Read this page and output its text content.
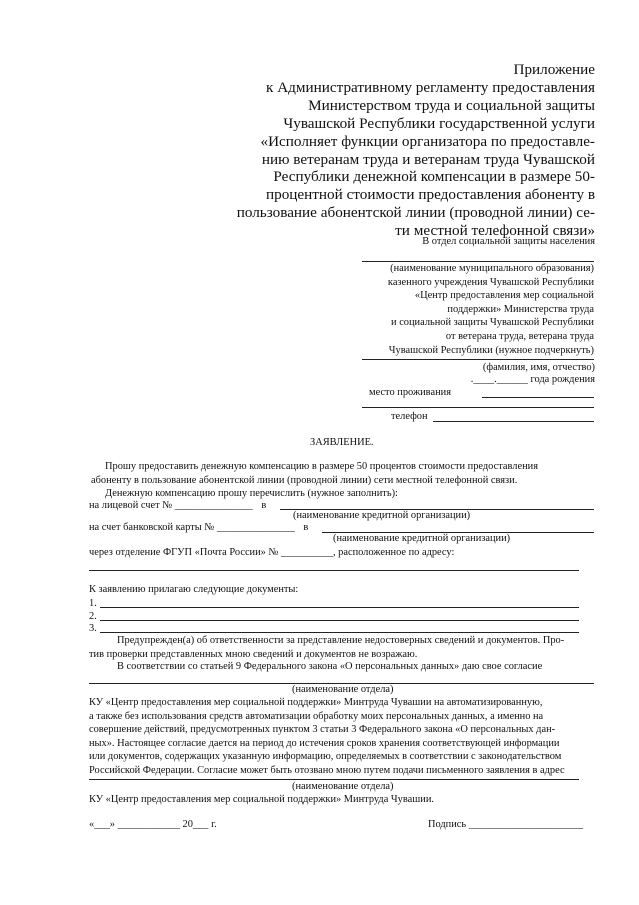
Приложение
к Административному регламенту предоставления
Министерством труда и социальной защиты
Чувашской Республики государственной услуги
«Исполняет функции организатора по предоставле-
нию ветеранам труда и ветеранам труда Чувашской
Республики денежной компенсации в размере 50-
процентной стоимости предоставления абоненту в
пользование абонентской линии (проводной линии) се-
ти местной телефонной связи»
В отдел социальной защиты населения
(наименование муниципального образования)
казенного учреждения Чувашской Республики
«Центр предоставления мер социальной
поддержки» Министерства труда
и социальной защиты Чувашской Республики
от ветерана труда, ветерана труда
Чувашской Республики (нужное подчеркнуть)
(фамилия, имя, отчество)
.____.______ года рождения
место проживания
телефон
ЗАЯВЛЕНИЕ.
Прошу предоставить денежную компенсацию в размере 50 процентов стоимости предоставления
абоненту в пользование абонентской линии (проводной линии) сети местной телефонной связи.
Денежную компенсацию прошу перечислить (нужное заполнить):
на лицевой счет № _______________ в
(наименование кредитной организации)
на счет банковской карты № _______________ в
(наименование кредитной организации)
через отделение ФГУП «Почта России» № __________, расположенное по адресу:
К заявлению прилагаю следующие документы:
1.
2.
3.
Предупрежден(а) об ответственности за представление недостоверных сведений и документов. Про-
тив проверки представленных мною сведений и документов не возражаю.
В соответствии со статьей 9 Федерального закона «О персональных данных» даю свое согласие
(наименование отдела)
КУ «Центр предоставления мер социальной поддержки» Минтруда Чувашии на автоматизированную,
а также без использования средств автоматизации обработку моих персональных данных, а именно на
совершение действий, предусмотренных пунктом 3 статьи 3 Федерального закона «О персональных дан-
ных». Настоящее согласие дается на период до истечения сроков хранения соответствующей информации
или документов, содержащих указанную информацию, определяемых в соответствии с законодательством
Российской Федерации. Согласие может быть отозвано мною путем подачи письменного заявления в адрес
(наименование отдела)
КУ «Центр предоставления мер социальной поддержки» Минтруда Чувашии.
«___» ____________ 20___ г.	Подпись ______________________
